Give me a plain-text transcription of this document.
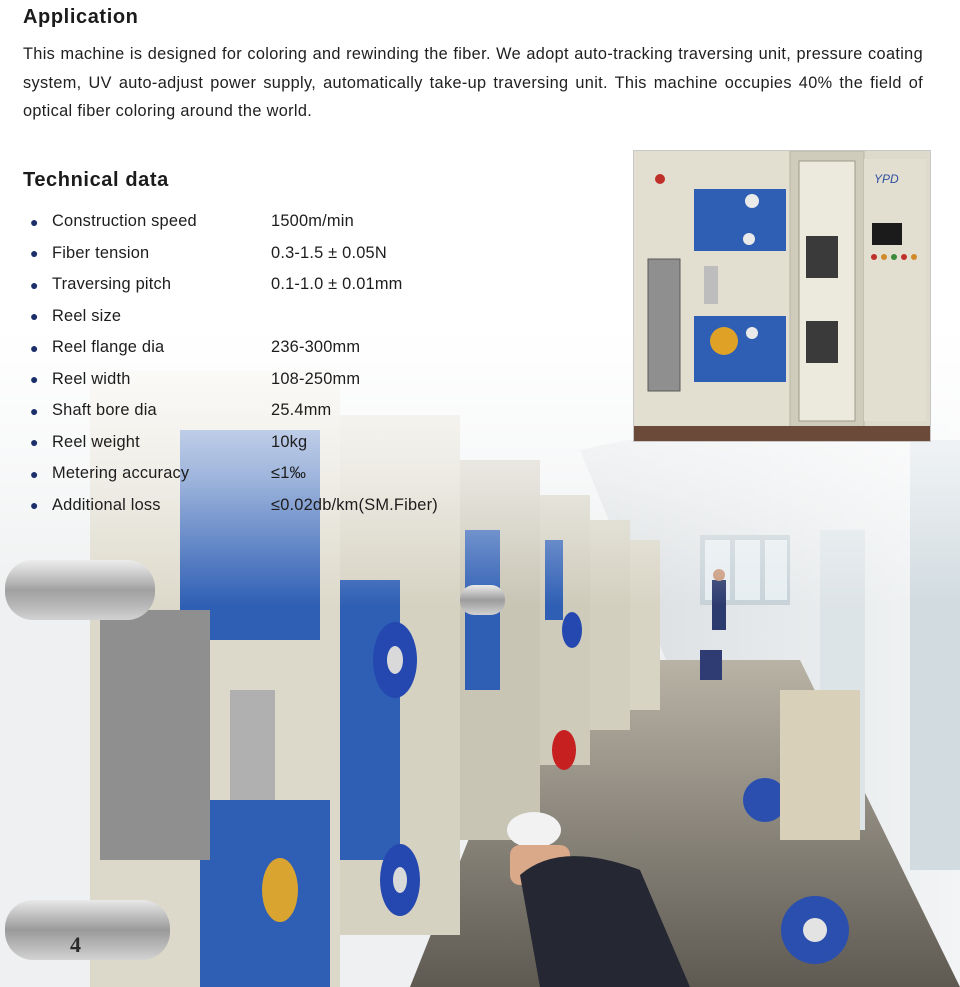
Application
This machine is designed for coloring and rewinding the fiber. We adopt auto-tracking traversing unit, pressure coating system, UV auto-adjust power supply, automatically take-up traversing unit. This machine occupies 40% the field of optical fiber coloring around the world.
Technical data
● Construction speed	1500m/min
● Fiber tension	0.3-1.5 ± 0.05N
● Traversing pitch	0.1-1.0 ± 0.01mm
● Reel size
● Reel flange dia	236-300mm
● Reel width	108-250mm
● Shaft bore dia	25.4mm
● Reel weight	10kg
● Metering accuracy	≤1‰
● Additional loss	≤0.02db/km(SM.Fiber)
YPD
4
